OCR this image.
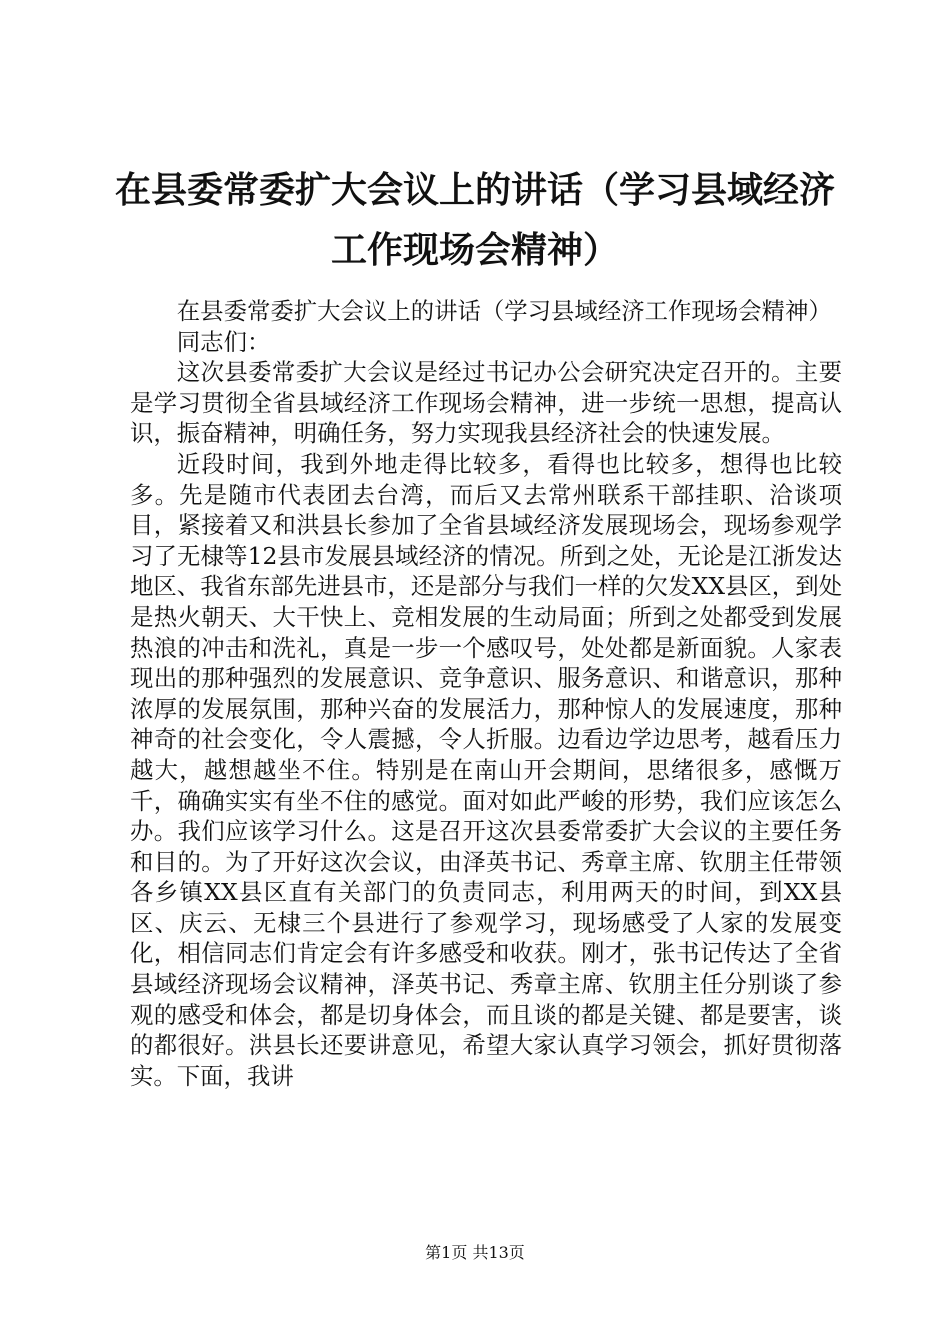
在县委常委扩大会议上的讲话（学习县域经济工作现场会精神）

在县委常委扩大会议上的讲话（学习县域经济工作现场会精神）

同志们：

这次县委常委扩大会议是经过书记办公会研究决定召开的。主要是学习贯彻全省县域经济工作现场会精神，进一步统一思想，提高认识，振奋精神，明确任务，努力实现我县经济社会的快速发展。

近段时间，我到外地走得比较多，看得也比较多，想得也比较多。先是随市代表团去台湾，而后又去常州联系干部挂职、洽谈项目，紧接着又和洪县长参加了全省县域经济发展现场会，现场参观学习了无棣等12县市发展县域经济的情况。所到之处，无论是江浙发达地区、我省东部先进县市，还是部分与我们一样的欠发XX县区，到处是热火朝天、大干快上、竞相发展的生动局面；所到之处都受到发展热浪的冲击和洗礼，真是一步一个感叹号，处处都是新面貌。人家表现出的那种强烈的发展意识、竞争意识、服务意识、和谐意识，那种浓厚的发展氛围，那种兴奋的发展活力，那种惊人的发展速度，那种神奇的社会变化，令人震撼，令人折服。边看边学边思考，越看压力越大，越想越坐不住。特别是在南山开会期间，思绪很多，感慨万千，确确实实有坐不住的感觉。面对如此严峻的形势，我们应该怎么办。我们应该学习什么。这是召开这次县委常委扩大会议的主要任务和目的。为了开好这次会议，由泽英书记、秀章主席、钦朋主任带领各乡镇XX县区直有关部门的负责同志，利用两天的时间，到XX县区、庆云、无棣三个县进行了参观学习，现场感受了人家的发展变化，相信同志们肯定会有许多感受和收获。刚才，张书记传达了全省县域经济现场会议精神，泽英书记、秀章主席、钦朋主任分别谈了参观的感受和体会，都是切身体会，而且谈的都是关键、都是要害，谈的都很好。洪县长还要讲意见，希望大家认真学习领会，抓好贯彻落实。下面，我讲

第1页 共13页
